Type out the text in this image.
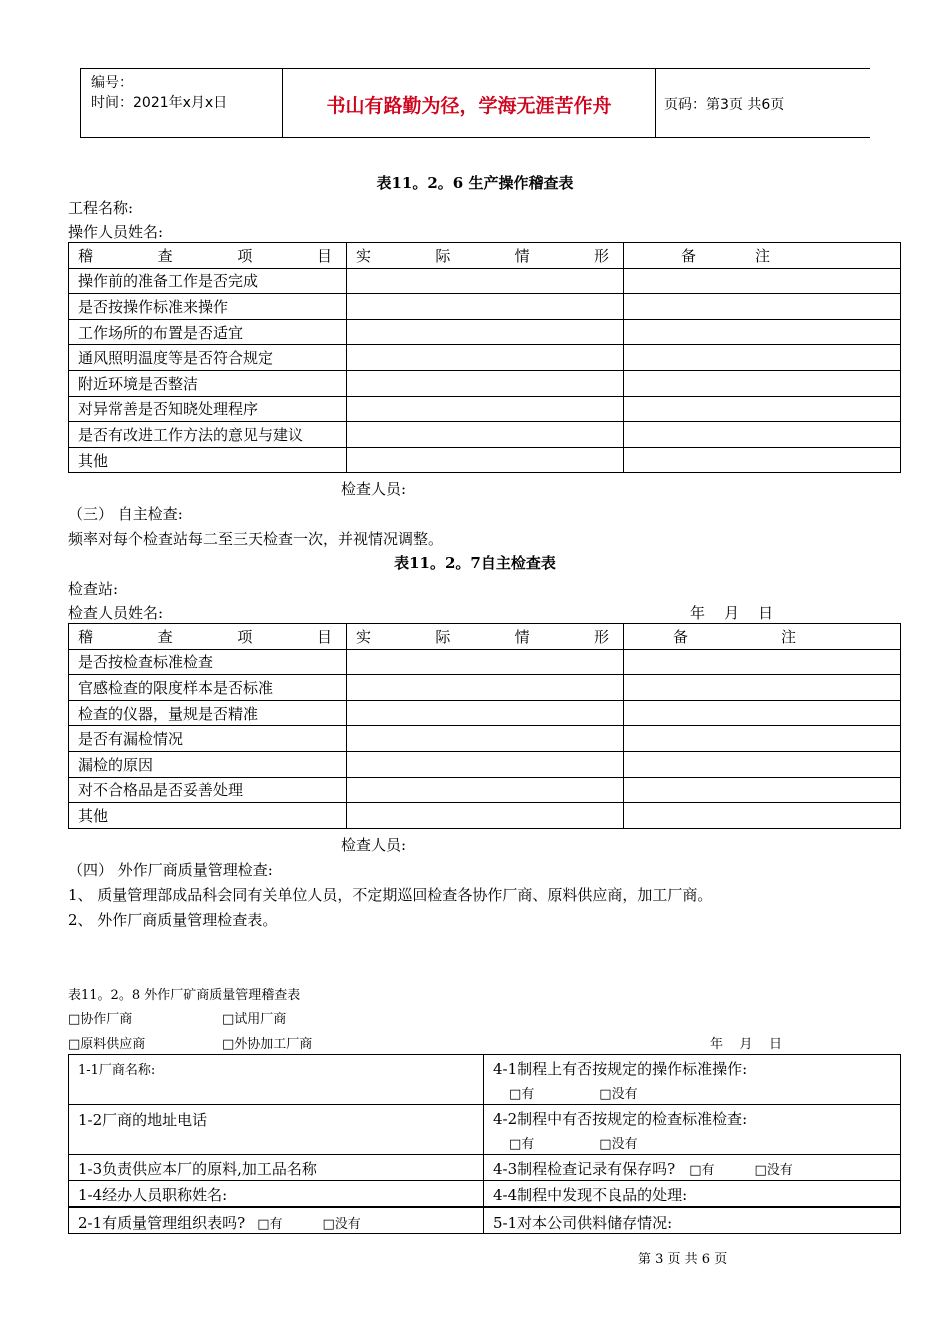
编号：
时间：2021年x月x日	书山有路勤为径，学海无涯苦作舟	页码：第3页 共6页
表11。2。6 生产操作稽查表
工程名称:
操作人员姓名:
稽 查 项 目	实 际 情 形	备 注

操作前的准备工作是否完成		
是否按操作标准来操作		
工作场所的布置是否适宜		
通风照明温度等是否符合规定		
附近环境是否整洁		
对异常善是否知晓处理程序		
是否有改进工作方法的意见与建议		
其他		
检查人员:
（三） 自主检查:
频率对每个检查站每二至三天检查一次，并视情况调整。
表11。2。7自主检查表
检查站:
检查人员姓名:	年    月    日
稽 查 项 目	实 际 情 形	备 注

是否按检查标准检查		
官感检查的限度样本是否标准		
检查的仪器，量规是否精准		
是否有漏检情况		
漏检的原因		
对不合格品是否妥善处理		
其他		
检查人员:
（四） 外作厂商质量管理检查:
1、 质量管理部成品科会同有关单位人员，不定期巡回检查各协作厂商、原料供应商，加工厂商。
2、 外作厂商质量管理检查表。
表11。2。8 外作厂矿商质量管理稽查表
□协作厂商	□试用厂商
□原料供应商	□外协加工厂商	年    月    日
1-1厂商名称:	4-1制程上有否按规定的操作标准操作:
□有 □没有

1-2厂商的地址电话	4-2制程中有否按规定的检查标准检查:
□有 □没有

1-3负责供应本厂的原料,加工品名称	4-3制程检查记录有保存吗? □有 □没有
1-4经办人员职称姓名:	4-4制程中发现不良品的处理:
2-1有质量管理组织表吗? □有 □没有	5-1对本公司供料储存情况:
第 3 页 共 6 页
